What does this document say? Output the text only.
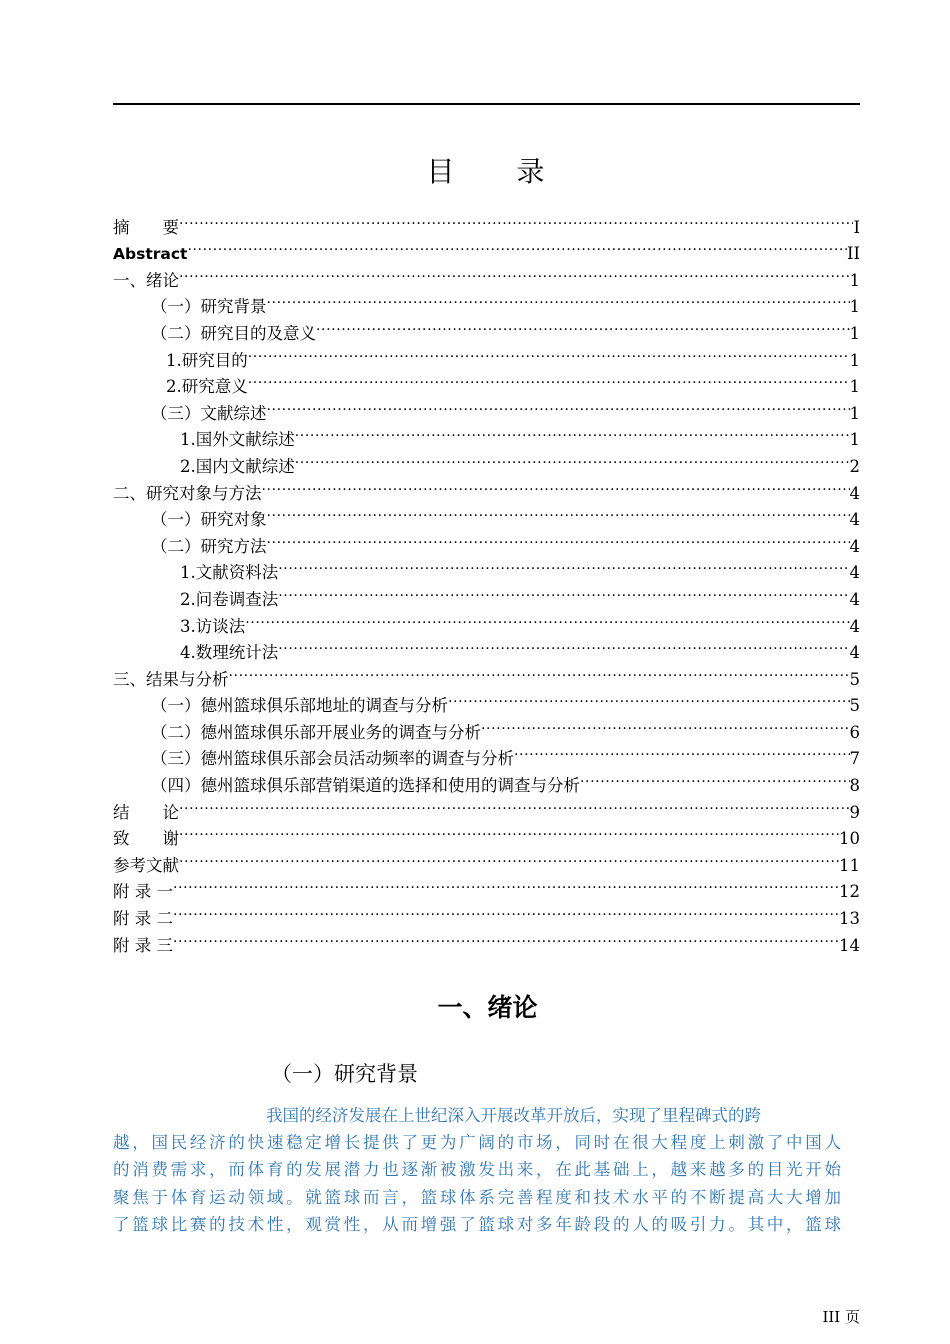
目 录
摘　　要 .....	I
Abstract .....	II
一、绪论 .....	1
（一）研究背景 .....	1
（二）研究目的及意义 .....	1
1.研究目的 .....	1
2.研究意义 .....	1
（三）文献综述 .....	1
1.国外文献综述 .....	1
2.国内文献综述 .....	2
二、研究对象与方法 .....	4
（一）研究对象 .....	4
（二）研究方法 .....	4
1.文献资料法 .....	4
2.问卷调查法 .....	4
3.访谈法 .....	4
4.数理统计法 .....	4
三、结果与分析 .....	5
（一）德州篮球俱乐部地址的调查与分析 .....	5
（二）德州篮球俱乐部开展业务的调查与分析 .....	6
（三）德州篮球俱乐部会员活动频率的调查与分析 .....	7
（四）德州篮球俱乐部营销渠道的选择和使用的调查与分析 .....	8
结　　论 .....	9
致　　谢 .....	10
参考文献 .....	11
附 录 一 .....	12
附 录 二 .....	13
附 录 三 .....	14
一、绪论
（一）研究背景
我国的经济发展在上世纪深入开展改革开放后，实现了里程碑式的跨
越，国民经济的快速稳定增长提供了更为广阔的市场，同时在很大程度上刺激了中国人
的消费需求，而体育的发展潜力也逐渐被激发出来，在此基础上，越来越多的目光开始
聚焦于体育运动领域。就篮球而言，篮球体系完善程度和技术水平的不断提高大大增加
了篮球比赛的技术性，观赏性，从而增强了篮球对多年龄段的人的吸引力。其中，篮球
III 页
